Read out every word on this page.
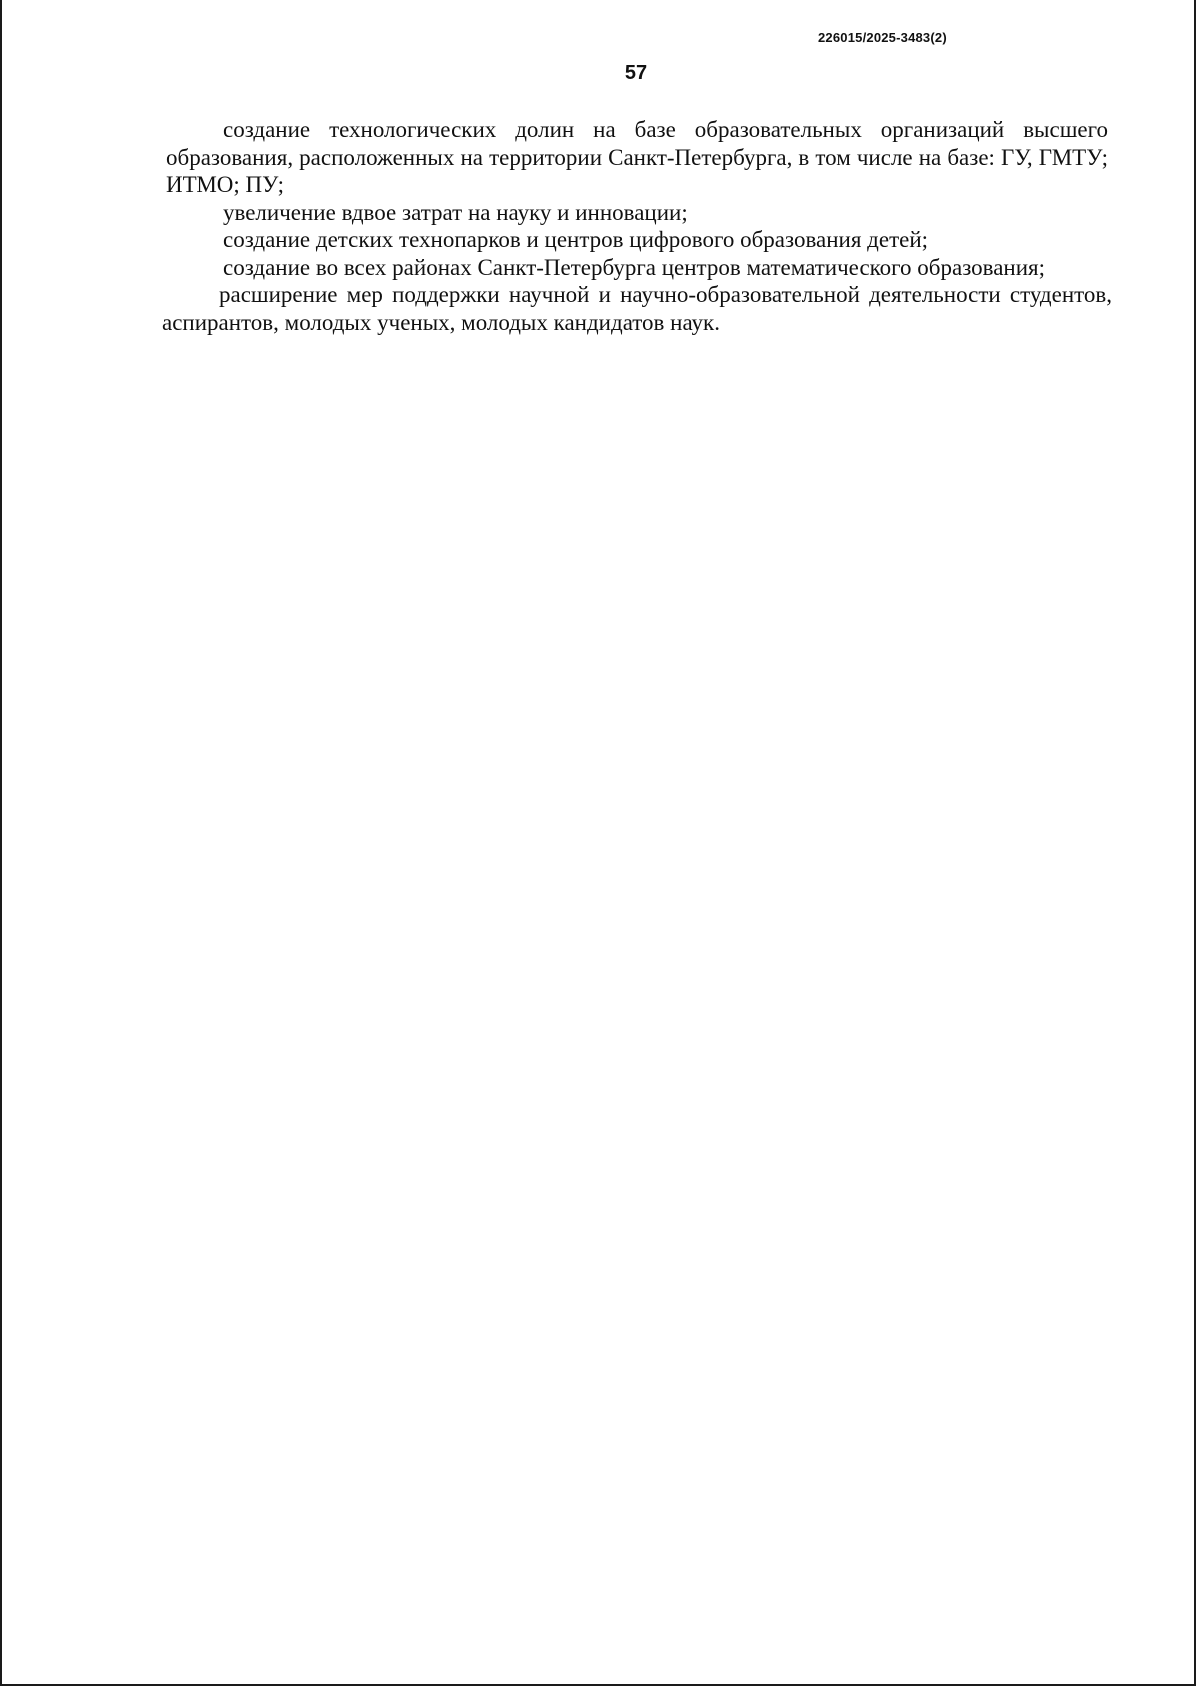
226015/2025-3483(2)
57

создание технологических долин на базе образовательных организаций высшего образования, расположенных на территории Санкт-Петербурга, в том числе на базе: ГУ, ГМТУ; ИТМО; ПУ;

увеличение вдвое затрат на науку и инновации;

создание детских технопарков и центров цифрового образования детей;

создание во всех районах Санкт-Петербурга центров математического образования;

расширение мер поддержки научной и научно-образовательной деятельности студентов, аспирантов, молодых ученых, молодых кандидатов наук.
